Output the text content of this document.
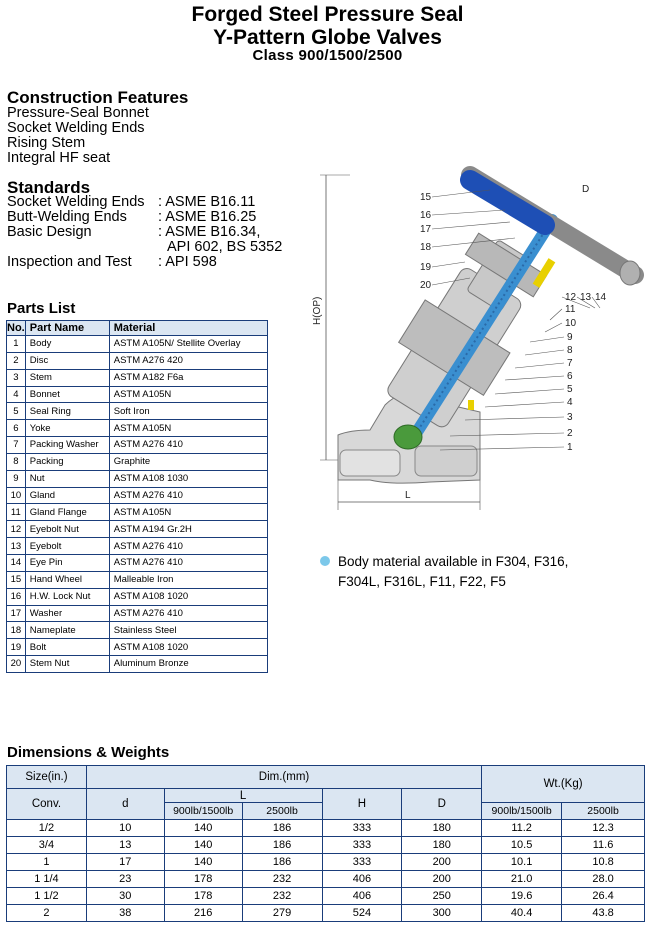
Forged Steel Pressure Seal
Y-Pattern Globe Valves
Class 900/1500/2500
Construction Features
Pressure-Seal Bonnet
Socket Welding Ends
Rising Stem
Integral HF seat
Standards
Socket Welding Ends : ASME B16.11
Butt-Welding Ends : ASME B16.25
Basic Design	: ASME B16.34,
API 602, BS 5352
Inspection and Test : API 598
Parts List
No.	Part Name	Material
1	Body	ASTM A105N/ Stellite Overlay
2	Disc	ASTM A276 420
3	Stem	ASTM A182 F6a
4	Bonnet	ASTM A105N
5	Seal Ring	Soft Iron
6	Yoke	ASTM A105N
7	Packing Washer	ASTM A276 410
8	Packing	Graphite
9	Nut	ASTM A108 1030
10	Gland	ASTM A276 410
11	Gland Flange	ASTM A105N
12	Eyebolt Nut	ASTM A194 Gr.2H
13	Eyebolt	ASTM A276 410
14	Eye Pin	ASTM A276 410
15	Hand Wheel	Malleable Iron
16	H.W. Lock Nut	ASTM A108 1020
17	Washer	ASTM A276 410
18	Nameplate	Stainless Steel
19	Bolt	ASTM A108 1020
20	Stem Nut	Aluminum Bronze
H(OP)
D
L
1
2
3
4
5
6
7
8
9
10
11
12 13 14
15
16
17
18
19
20
Body material available in F304, F316,
F304L, F316L, F11, F22, F5
Dimensions & Weights
Size(in.)	Dim.(mm)					Wt.(Kg)	
Conv.	d	L		H	D		
		900lb/1500lb	2500lb			900lb/1500lb	2500lb
1/2	10	140	186	333	180	11.2	12.3
3/4	13	140	186	333	180	10.5	11.6
1	17	140	186	333	200	10.1	10.8
1 1/4	23	178	232	406	200	21.0	28.0
1 1/2	30	178	232	406	250	19.6	26.4
2	38	216	279	524	300	40.4	43.8
